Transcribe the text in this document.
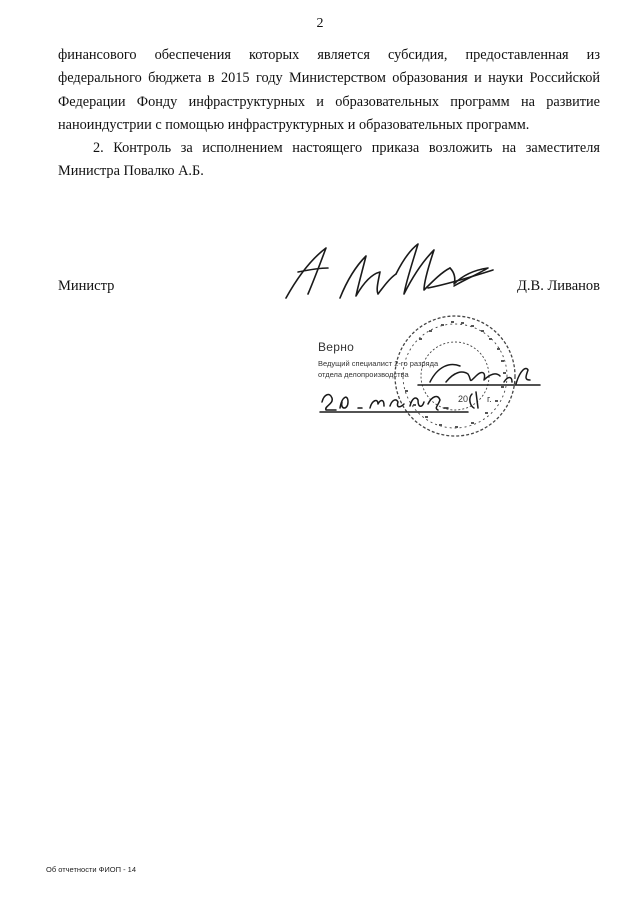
2

финансового обеспечения которых является субсидия, предоставленная из федерального бюджета в 2015 году Министерством образования и науки Российской Федерации Фонду инфраструктурных и образовательных программ на развитие наноиндустрии с помощью инфраструктурных и образовательных программ.

2. Контроль за исполнением настоящего приказа возложить на заместителя Министра Повалко А.Б.

Министр	Д.В. Ливанов
Верно
Ведущий специалист 2-го разряда
отдела делопроизводства
20 г.
Об отчетности ФИОП - 14
